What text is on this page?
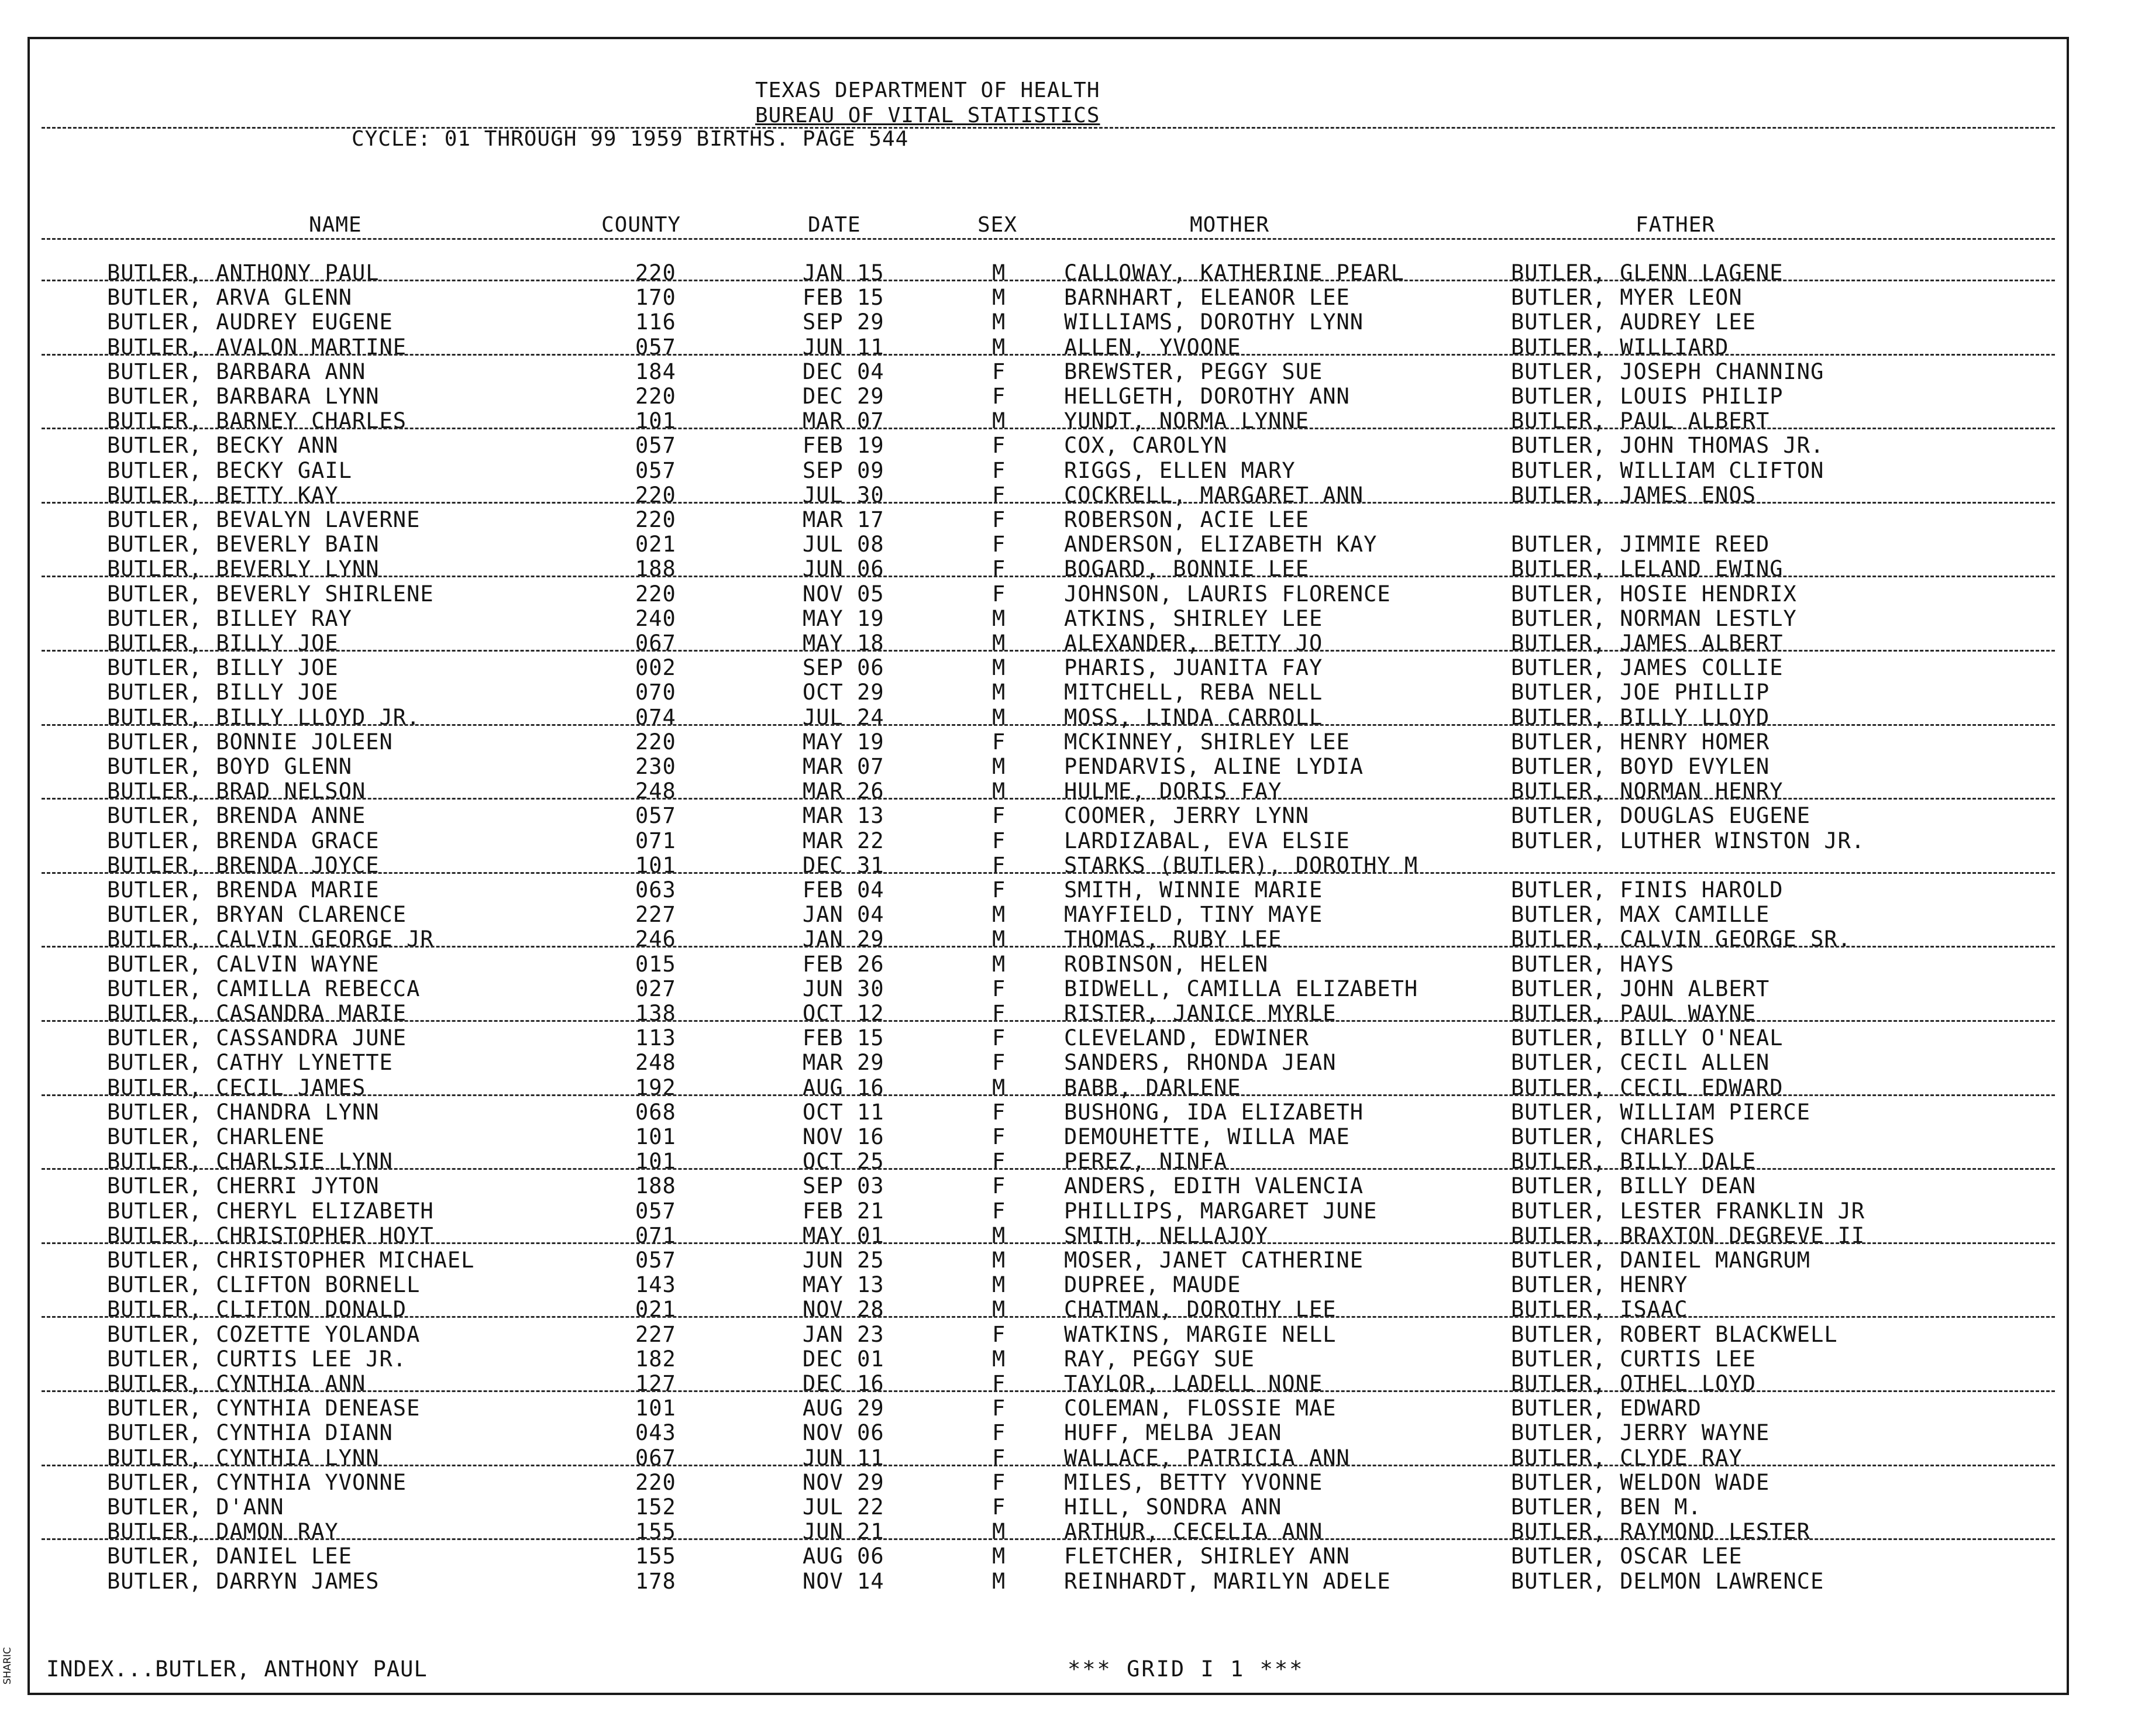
TEXAS DEPARTMENT OF HEALTH
BUREAU OF VITAL STATISTICS
CYCLE: 01 THROUGH 99 1959 BIRTHS. PAGE 544
NAME	COUNTY	DATE	SEX	MOTHER	FATHER
BUTLER, ANTHONY PAUL	220	JAN 15	M	CALLOWAY, KATHERINE PEARL	BUTLER, GLENN LAGENE
BUTLER, ARVA GLENN	170	FEB 15	M	BARNHART, ELEANOR LEE	BUTLER, MYER LEON
BUTLER, AUDREY EUGENE	116	SEP 29	M	WILLIAMS, DOROTHY LYNN	BUTLER, AUDREY LEE
BUTLER, AVALON MARTINE	057	JUN 11	M	ALLEN, YVOONE	BUTLER, WILLIARD
BUTLER, BARBARA ANN	184	DEC 04	F	BREWSTER, PEGGY SUE	BUTLER, JOSEPH CHANNING
BUTLER, BARBARA LYNN	220	DEC 29	F	HELLGETH, DOROTHY ANN	BUTLER, LOUIS PHILIP
BUTLER, BARNEY CHARLES	101	MAR 07	M	YUNDT, NORMA LYNNE	BUTLER, PAUL ALBERT
BUTLER, BECKY ANN	057	FEB 19	F	COX, CAROLYN	BUTLER, JOHN THOMAS JR.
BUTLER, BECKY GAIL	057	SEP 09	F	RIGGS, ELLEN MARY	BUTLER, WILLIAM CLIFTON
BUTLER, BETTY KAY	220	JUL 30	F	COCKRELL, MARGARET ANN	BUTLER, JAMES ENOS
BUTLER, BEVALYN LAVERNE	220	MAR 17	F	ROBERSON, ACIE LEE
BUTLER, BEVERLY BAIN	021	JUL 08	F	ANDERSON, ELIZABETH KAY	BUTLER, JIMMIE REED
BUTLER, BEVERLY LYNN	188	JUN 06	F	BOGARD, BONNIE LEE	BUTLER, LELAND EWING
BUTLER, BEVERLY SHIRLENE	220	NOV 05	F	JOHNSON, LAURIS FLORENCE	BUTLER, HOSIE HENDRIX
BUTLER, BILLEY RAY	240	MAY 19	M	ATKINS, SHIRLEY LEE	BUTLER, NORMAN LESTLY
BUTLER, BILLY JOE	067	MAY 18	M	ALEXANDER, BETTY JO	BUTLER, JAMES ALBERT
BUTLER, BILLY JOE	002	SEP 06	M	PHARIS, JUANITA FAY	BUTLER, JAMES COLLIE
BUTLER, BILLY JOE	070	OCT 29	M	MITCHELL, REBA NELL	BUTLER, JOE PHILLIP
BUTLER, BILLY LLOYD JR.	074	JUL 24	M	MOSS, LINDA CARROLL	BUTLER, BILLY LLOYD
BUTLER, BONNIE JOLEEN	220	MAY 19	F	MCKINNEY, SHIRLEY LEE	BUTLER, HENRY HOMER
BUTLER, BOYD GLENN	230	MAR 07	M	PENDARVIS, ALINE LYDIA	BUTLER, BOYD EVYLEN
BUTLER, BRAD NELSON	248	MAR 26	M	HULME, DORIS FAY	BUTLER, NORMAN HENRY
BUTLER, BRENDA ANNE	057	MAR 13	F	COOMER, JERRY LYNN	BUTLER, DOUGLAS EUGENE
BUTLER, BRENDA GRACE	071	MAR 22	F	LARDIZABAL, EVA ELSIE	BUTLER, LUTHER WINSTON JR.
BUTLER, BRENDA JOYCE	101	DEC 31	F	STARKS (BUTLER), DOROTHY M
BUTLER, BRENDA MARIE	063	FEB 04	F	SMITH, WINNIE MARIE	BUTLER, FINIS HAROLD
BUTLER, BRYAN CLARENCE	227	JAN 04	M	MAYFIELD, TINY MAYE	BUTLER, MAX CAMILLE
BUTLER, CALVIN GEORGE JR	246	JAN 29	M	THOMAS, RUBY LEE	BUTLER, CALVIN GEORGE SR.
BUTLER, CALVIN WAYNE	015	FEB 26	M	ROBINSON, HELEN	BUTLER, HAYS
BUTLER, CAMILLA REBECCA	027	JUN 30	F	BIDWELL, CAMILLA ELIZABETH	BUTLER, JOHN ALBERT
BUTLER, CASANDRA MARIE	138	OCT 12	F	RISTER, JANICE MYRLE	BUTLER, PAUL WAYNE
BUTLER, CASSANDRA JUNE	113	FEB 15	F	CLEVELAND, EDWINER	BUTLER, BILLY O'NEAL
BUTLER, CATHY LYNETTE	248	MAR 29	F	SANDERS, RHONDA JEAN	BUTLER, CECIL ALLEN
BUTLER, CECIL JAMES	192	AUG 16	M	BABB, DARLENE	BUTLER, CECIL EDWARD
BUTLER, CHANDRA LYNN	068	OCT 11	F	BUSHONG, IDA ELIZABETH	BUTLER, WILLIAM PIERCE
BUTLER, CHARLENE	101	NOV 16	F	DEMOUHETTE, WILLA MAE	BUTLER, CHARLES
BUTLER, CHARLSIE LYNN	101	OCT 25	F	PEREZ, NINFA	BUTLER, BILLY DALE
BUTLER, CHERRI JYTON	188	SEP 03	F	ANDERS, EDITH VALENCIA	BUTLER, BILLY DEAN
BUTLER, CHERYL ELIZABETH	057	FEB 21	F	PHILLIPS, MARGARET JUNE	BUTLER, LESTER FRANKLIN JR
BUTLER, CHRISTOPHER HOYT	071	MAY 01	M	SMITH, NELLAJOY	BUTLER, BRAXTON DEGREVE II
BUTLER, CHRISTOPHER MICHAEL	057	JUN 25	M	MOSER, JANET CATHERINE	BUTLER, DANIEL MANGRUM
BUTLER, CLIFTON BORNELL	143	MAY 13	M	DUPREE, MAUDE	BUTLER, HENRY
BUTLER, CLIFTON DONALD	021	NOV 28	M	CHATMAN, DOROTHY LEE	BUTLER, ISAAC
BUTLER, COZETTE YOLANDA	227	JAN 23	F	WATKINS, MARGIE NELL	BUTLER, ROBERT BLACKWELL
BUTLER, CURTIS LEE JR.	182	DEC 01	M	RAY, PEGGY SUE	BUTLER, CURTIS LEE
BUTLER, CYNTHIA ANN	127	DEC 16	F	TAYLOR, LADELL NONE	BUTLER, OTHEL LOYD
BUTLER, CYNTHIA DENEASE	101	AUG 29	F	COLEMAN, FLOSSIE MAE	BUTLER, EDWARD
BUTLER, CYNTHIA DIANN	043	NOV 06	F	HUFF, MELBA JEAN	BUTLER, JERRY WAYNE
BUTLER, CYNTHIA LYNN	067	JUN 11	F	WALLACE, PATRICIA ANN	BUTLER, CLYDE RAY
BUTLER, CYNTHIA YVONNE	220	NOV 29	F	MILES, BETTY YVONNE	BUTLER, WELDON WADE
BUTLER, D'ANN	152	JUL 22	F	HILL, SONDRA ANN	BUTLER, BEN M.
BUTLER, DAMON RAY	155	JUN 21	M	ARTHUR, CECELIA ANN	BUTLER, RAYMOND LESTER
BUTLER, DANIEL LEE	155	AUG 06	M	FLETCHER, SHIRLEY ANN	BUTLER, OSCAR LEE
BUTLER, DARRYN JAMES	178	NOV 14	M	REINHARDT, MARILYN ADELE	BUTLER, DELMON LAWRENCE
INDEX...BUTLER, ANTHONY PAUL	*** GRID I 1 ***
SHARIC
